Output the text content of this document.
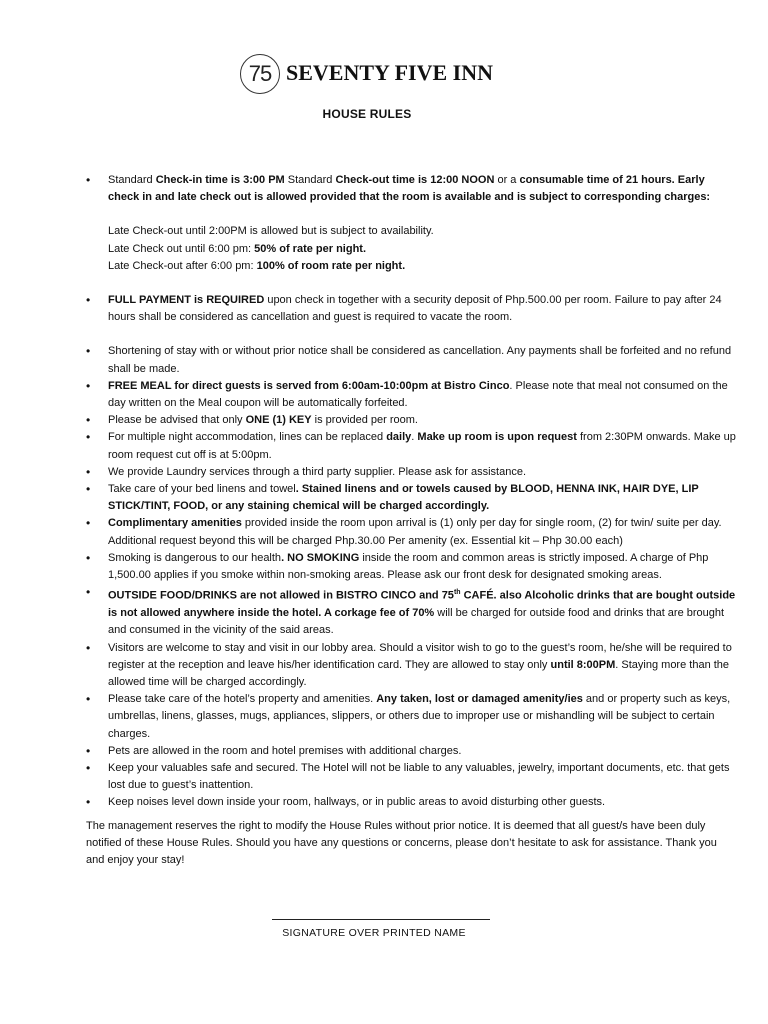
75 SEVENTY FIVE INN
HOUSE RULES
• Standard Check-in time is 3:00 PM Standard Check-out time is 12:00 NOON or a consumable time of 21 hours. Early check in and late check out is allowed provided that the room is available and is subject to corresponding charges:
Late Check-out until 2:00PM is allowed but is subject to availability.
Late Check out until 6:00 pm: 50% of rate per night.
Late Check-out after 6:00 pm: 100% of room rate per night.
• FULL PAYMENT is REQUIRED upon check in together with a security deposit of Php.500.00 per room. Failure to pay after 24 hours shall be considered as cancellation and guest is required to vacate the room.
• Shortening of stay with or without prior notice shall be considered as cancellation. Any payments shall be forfeited and no refund shall be made.
• FREE MEAL for direct guests is served from 6:00am-10:00pm at Bistro Cinco. Please note that meal not consumed on the day written on the Meal coupon will be automatically forfeited.
• Please be advised that only ONE (1) KEY is provided per room.
• For multiple night accommodation, lines can be replaced daily. Make up room is upon request from 2:30PM onwards. Make up room request cut off is at 5:00pm.
• We provide Laundry services through a third party supplier. Please ask for assistance.
• Take care of your bed linens and towel. Stained linens and or towels caused by BLOOD, HENNA INK, HAIR DYE, LIP STICK/TINT, FOOD, or any staining chemical will be charged accordingly.
• Complimentary amenities provided inside the room upon arrival is (1) only per day for single room, (2) for twin/ suite per day. Additional request beyond this will be charged Php.30.00 Per amenity (ex. Essential kit – Php 30.00 each)
• Smoking is dangerous to our health. NO SMOKING inside the room and common areas is strictly imposed. A charge of Php 1,500.00 applies if you smoke within non-smoking areas. Please ask our front desk for designated smoking areas.
• OUTSIDE FOOD/DRINKS are not allowed in BISTRO CINCO and 75th CAFÉ. also Alcoholic drinks that are bought outside is not allowed anywhere inside the hotel. A corkage fee of 70% will be charged for outside food and drinks that are brought and consumed in the vicinity of the said areas.
• Visitors are welcome to stay and visit in our lobby area. Should a visitor wish to go to the guest’s room, he/she will be required to register at the reception and leave his/her identification card. They are allowed to stay only until 8:00PM. Staying more than the allowed time will be charged accordingly.
• Please take care of the hotel’s property and amenities. Any taken, lost or damaged amenity/ies and or property such as keys, umbrellas, linens, glasses, mugs, appliances, slippers, or others due to improper use or mishandling will be subject to certain charges.
• Pets are allowed in the room and hotel premises with additional charges.
• Keep your valuables safe and secured. The Hotel will not be liable to any valuables, jewelry, important documents, etc. that gets lost due to guest’s inattention.
• Keep noises level down inside your room, hallways, or in public areas to avoid disturbing other guests.

The management reserves the right to modify the House Rules without prior notice. It is deemed that all guest/s have been duly notified of these House Rules. Should you have any questions or concerns, please don’t hesitate to ask for assistance. Thank you and enjoy your stay!

SIGNATURE OVER PRINTED NAME
